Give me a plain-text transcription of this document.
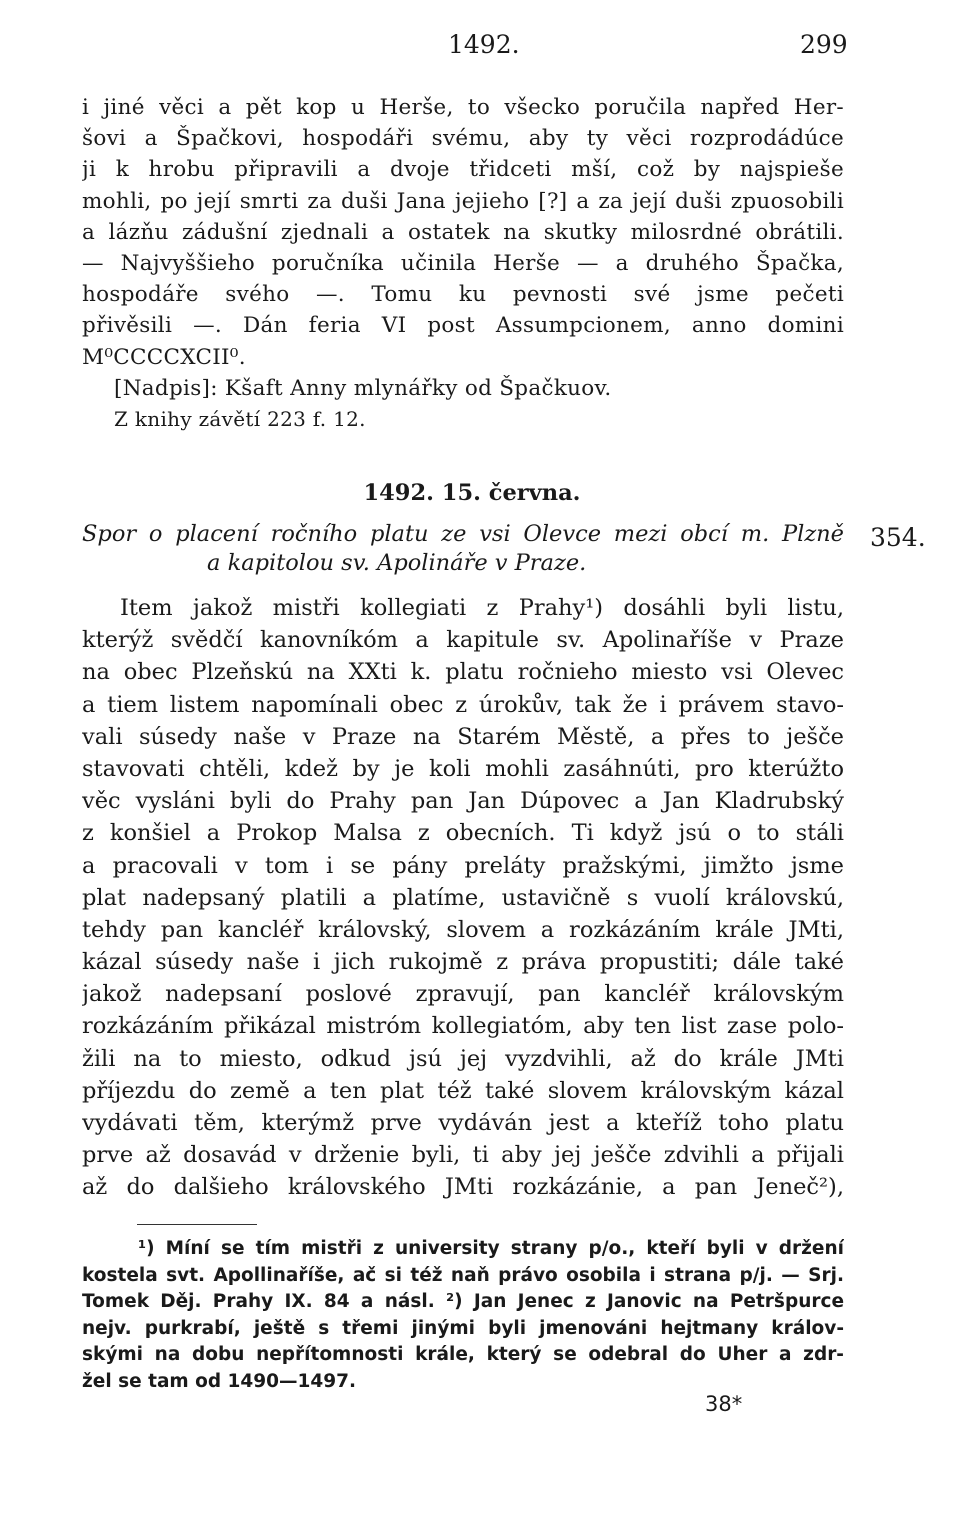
1492.	299
i jiné věci a pět kop u Herše, to všecko poručila napřed Her-
šovi a Špačkovi, hospodáři svému, aby ty věci rozprodádúce
ji k hrobu připravili a dvoje třidceti mší, což by najspieše
mohli, po její smrti za duši Jana jejieho [?] a za její duši zpuosobili
a lázňu zádušní zjednali a ostatek na skutky milosrdné obrátili.
— Najvyššieho poručníka učinila Herše — a druhého Špačka,
hospodáře svého —. Tomu ku pevnosti své jsme pečeti
přivěsili —. Dán feria VI post Assumpcionem, anno domini
M⁰CCCCXCII⁰.
[Nadpis]: Kšaft Anny mlynářky od Špačkuov.
Z knihy závětí 223 f. 12.
1492. 15. června.
354.
Spor o placení ročního platu ze vsi Olevce mezi obcí m. Plzně
a kapitolou sv. Apolináře v Praze.
Item jakož mistři kollegiati z Prahy¹) dosáhli byli listu,
kterýž svědčí kanovníkóm a kapitule sv. Apolinaříše v Praze
na obec Plzeňskú na XXti k. platu ročnieho miesto vsi Olevec
a tiem listem napomínali obec z úrokův, tak že i právem stavo-
vali súsedy naše v Praze na Starém Městě, a přes to ješče
stavovati chtěli, kdež by je koli mohli zasáhnúti, pro kterúžto
věc vysláni byli do Prahy pan Jan Dúpovec a Jan Kladrubský
z konšiel a Prokop Malsa z obecních. Ti když jsú o to stáli
a pracovali v tom i se pány preláty pražskými, jimžto jsme
plat nadepsaný platili a platíme, ustavičně s vuolí královskú,
tehdy pan kancléř královský, slovem a rozkázáním krále JMti,
kázal súsedy naše i jich rukojmě z práva propustiti; dále také
jakož nadepsaní poslové zpravují, pan kancléř královským
rozkázáním přikázal mistróm kollegiatóm, aby ten list zase polo-
žili na to miesto, odkud jsú jej vyzdvihli, až do krále JMti
příjezdu do země a ten plat též také slovem královským kázal
vydávati těm, kterýmž prve vydáván jest a kteříž toho platu
prve až dosavád v drženie byli, ti aby jej ješče zdvihli a přijali
až do dalšieho královského JMti rozkázánie, a pan Jeneč²),
¹) Míní se tím mistři z university strany p/o., kteří byli v držení
kostela svt. Apollinaříše, ač si též naň právo osobila i strana p/j. — Srj.
Tomek Děj. Prahy IX. 84 a násl. ²) Jan Jenec z Janovic na Petršpurce
nejv. purkrabí, ještě s třemi jinými byli jmenováni hejtmany králov-
skými na dobu nepřítomnosti krále, který se odebral do Uher a zdr-
žel se tam od 1490—1497.
38*
